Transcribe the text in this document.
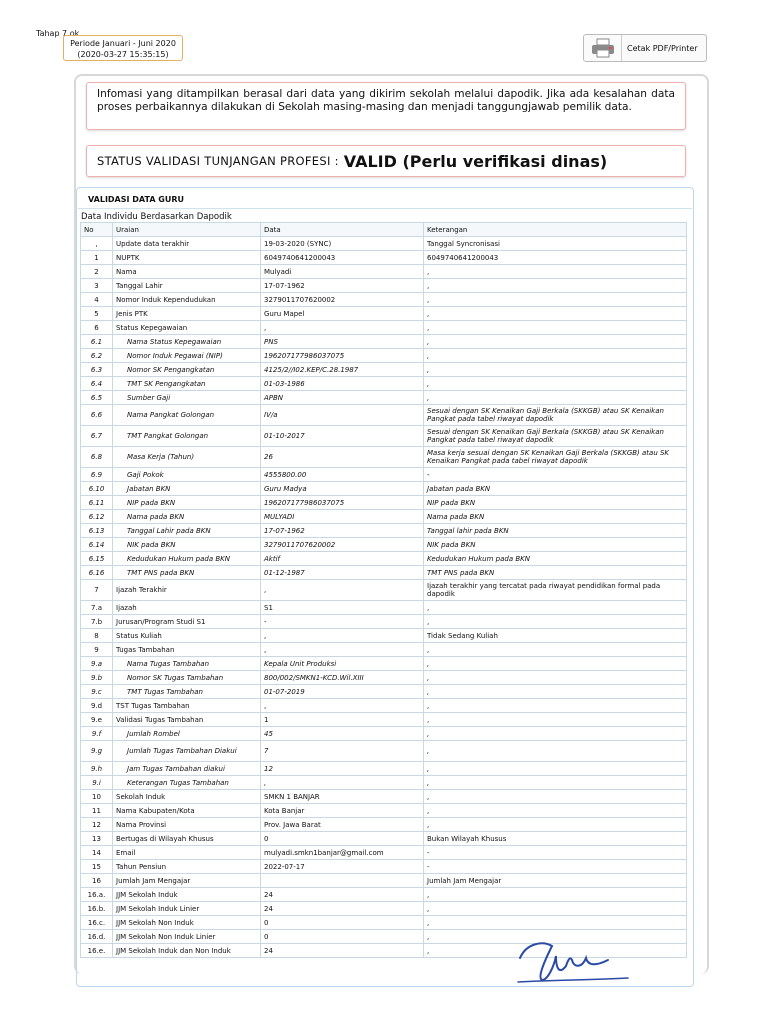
Tahap 7 ok
Periode Januari - Juni 2020
(2020-03-27 15:35:15)
Cetak PDF/Printer
Infomasi yang ditampilkan berasal dari data yang dikirim sekolah melalui dapodik. Jika ada kesalahan data proses perbaikannya dilakukan di Sekolah masing-masing dan menjadi tanggungjawab pemilik data.
STATUS VALIDASI TUNJANGAN PROFESI : VALID (Perlu verifikasi dinas)
VALIDASI DATA GURU
Data Individu Berdasarkan Dapodik
No	Uraian	Data	Keterangan
,	Update data terakhir	19-03-2020 (SYNC)	Tanggal Syncronisasi
1	NUPTK	6049740641200043	6049740641200043
2	Nama	Mulyadi	,
3	Tanggal Lahir	17-07-1962	,
4	Nomor Induk Kependudukan	3279011707620002	,
5	Jenis PTK	Guru Mapel	,
6	Status Kepegawaian	,	,
6.1	Nama Status Kepegawaian	PNS	,
6.2	Nomor Induk Pegawai (NIP)	196207177986037075	,
6.3	Nomor SK Pengangkatan	4125/2//I02.KEP/C.28.1987	,
6.4	TMT SK Pengangkatan	01-03-1986	,
6.5	Sumber Gaji	APBN	,
6.6	Nama Pangkat Golongan	IV/a	Sesuai dengan SK Kenaikan Gaji Berkala (SKKGB) atau SK Kenaikan Pangkat pada tabel riwayat dapodik
6.7	TMT Pangkat Golongan	01-10-2017	Sesuai dengan SK Kenaikan Gaji Berkala (SKKGB) atau SK Kenaikan Pangkat pada tabel riwayat dapodik
6.8	Masa Kerja (Tahun)	26	Masa kerja sesuai dengan SK Kenaikan Gaji Berkala (SKKGB) atau SK Kenaikan Pangkat pada tabel riwayat dapodik
6.9	Gaji Pokok	4555800.00	-
6.10	Jabatan BKN	Guru Madya	Jabatan pada BKN
6.11	NIP pada BKN	196207177986037075	NIP pada BKN
6.12	Nama pada BKN	MULYADI	Nama pada BKN
6.13	Tanggal Lahir pada BKN	17-07-1962	Tanggal lahir pada BKN
6.14	NIK pada BKN	3279011707620002	NIK pada BKN
6.15	Kedudukan Hukum pada BKN	Aktif	Kedudukan Hukum pada BKN
6.16	TMT PNS pada BKN	01-12-1987	TMT PNS pada BKN
7	Ijazah Terakhir	,	Ijazah terakhir yang tercatat pada riwayat pendidikan formal pada dapodik
7.a	Ijazah	S1	,
7.b	Jurusan/Program Studi S1	-	,
8	Status Kuliah	,	Tidak Sedang Kuliah
9	Tugas Tambahan	,	,
9.a	Nama Tugas Tambahan	Kepala Unit Produksi	,
9.b	Nomor SK Tugas Tambahan	800/002/SMKN1-KCD.Wil.XIII	,
9.c	TMT Tugas Tambahan	01-07-2019	,
9.d	TST Tugas Tambahan	,	,
9.e	Validasi Tugas Tambahan	1	,
9.f	Jumlah Rombel	45	,
9.g	Jumlah Tugas Tambahan Diakui	7	,
9.h	Jam Tugas Tambahan diakui	12	,
9.i	Keterangan Tugas Tambahan	,	,
10	Sekolah Induk	SMKN 1 BANJAR	,
11	Nama Kabupaten/Kota	Kota Banjar	,
12	Nama Provinsi	Prov. Jawa Barat	,
13	Bertugas di Wilayah Khusus	0	Bukan Wilayah Khusus
14	Email	mulyadi.smkn1banjar@gmail.com	-
15	Tahun Pensiun	2022-07-17	-
16	Jumlah Jam Mengajar		Jumlah Jam Mengajar
16.a.	JJM Sekolah Induk	24	,
16.b.	JJM Sekolah Induk Linier	24	,
16.c.	JJM Sekolah Non Induk	0	,
16.d.	JJM Sekolah Non Induk Linier	0	,
16.e.	JJM Sekolah Induk dan Non Induk	24	,
